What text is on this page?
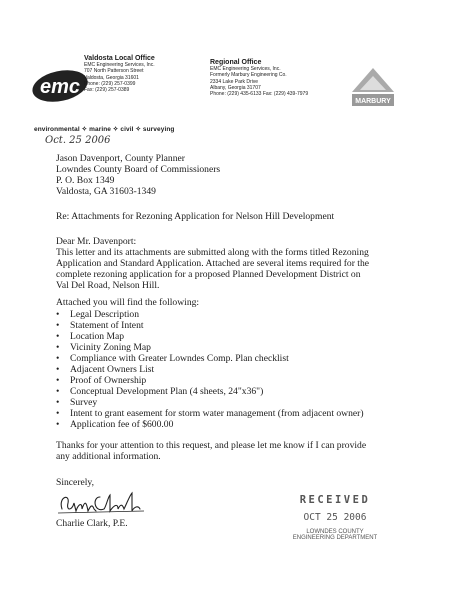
emc
Valdosta Local Office
EMC Engineering Services, Inc.
707 North Patterson Street
Valdosta, Georgia 31601
Phone: (229) 257-0399
Fax: (229) 257-0389
Regional Office
EMC Engineering Services, Inc.
Formerly Marbury Engineering Co.
2334 Lake Park Drive
Albany, Georgia 31707
Phone: (229) 435-6133 Fax: (229) 439-7979
MARBURY
environmental ✧ marine ✧ civil ✧ surveying
Oct. 25 2006
Jason Davenport, County Planner
Lowndes County Board of Commissioners
P. O. Box 1349
Valdosta, GA 31603-1349
Re: Attachments for Rezoning Application for Nelson Hill Development
Dear Mr. Davenport:
This letter and its attachments are submitted along with the forms titled Rezoning
Application and Standard Application. Attached are several items required for the
complete rezoning application for a proposed Planned Development District on
Val Del Road, Nelson Hill.
Attached you will find the following:
•	Legal Description
•	Statement of Intent
•	Location Map
•	Vicinity Zoning Map
•	Compliance with Greater Lowndes Comp. Plan checklist
•	Adjacent Owners List
•	Proof of Ownership
•	Conceptual Development Plan (4 sheets, 24"x36")
•	Survey
•	Intent to grant easement for storm water management (from adjacent owner)
•	Application fee of $600.00
Thanks for your attention to this request, and please let me know if I can provide
any additional information.
Sincerely,
Charlie Clark, P.E.
RECEIVED
OCT 25 2006
LOWNDES COUNTY
ENGINEERING DEPARTMENT
